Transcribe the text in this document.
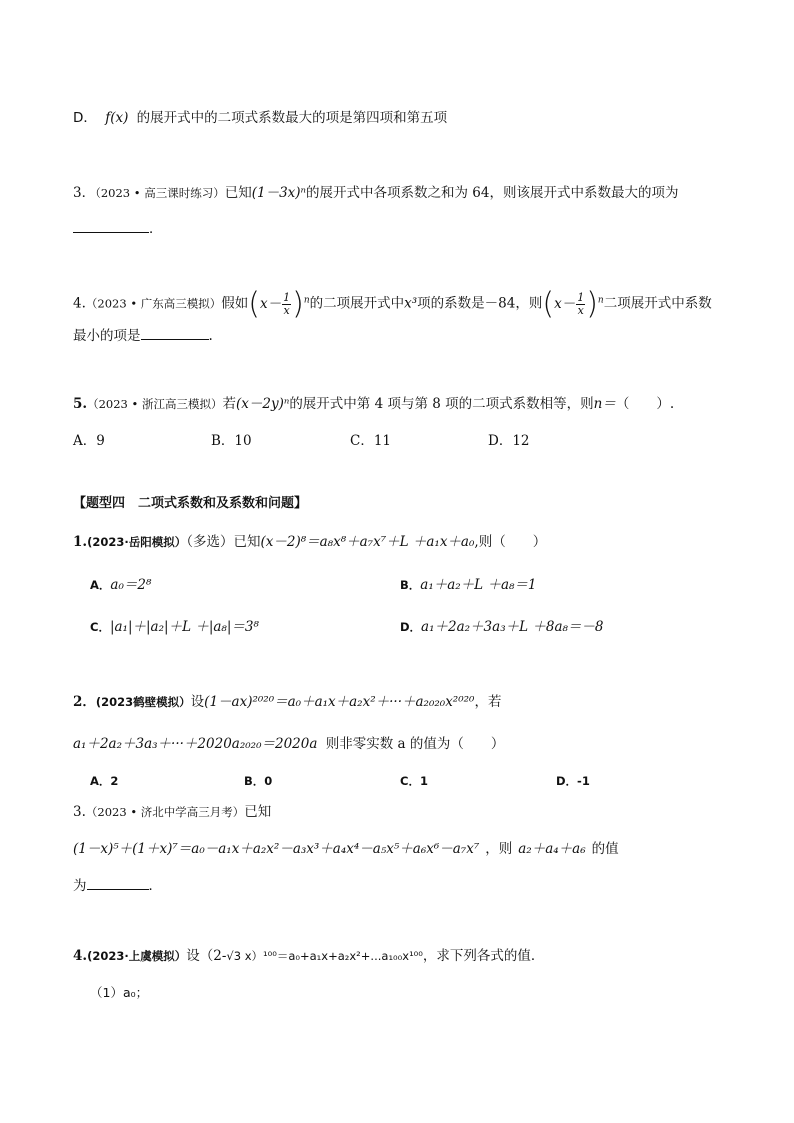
D． f(x) 的展开式中的二项式系数最大的项是第四项和第五项
3．（2023 • 高三课时练习）已知(1－3x)ⁿ的展开式中各项系数之和为 64，则该展开式中系数最大的项为
．
4.（2023 • 广东高三模拟）假如$(x- \frac{1}{x} )^n$的二项展开式中x³项的系数是－84，则$(x- \frac{1}{x} )^n$二项展开式中系数
最小的项是	.
5.（2023 • 浙江高三模拟）若(x－2y)ⁿ的展开式中第 4 项与第 8 项的二项式系数相等，则n＝（　　）.
A．9	B．10	C．11	D．12
【题型四　二项式系数和及系数和问题】
1.(2023·岳阳模拟）（多选）已知(x－2)⁸＝a₈x⁸＋a₇x⁷＋L ＋a₁x＋a₀,则（　　）
A．a₀＝2⁸	B．a₁＋a₂＋L ＋a₈＝1
C．|a₁|＋|a₂|＋L ＋|a₈|＝3⁸	D．a₁＋2a₂＋3a₃＋L ＋8a₈＝－8
2．(2023鹤壁模拟）设(1－ax)²⁰²⁰＝a₀＋a₁x＋a₂x²＋···＋a₂₀₂₀x²⁰²⁰，若
a₁＋2a₂＋3a₃＋···＋2020a₂₀₂₀＝2020a 则非零实数 a 的值为（　　）
A．2	B．0	C．1	D．-1
3.（2023 • 济北中学高三月考）已知
(1－x)⁵＋(1＋x)⁷＝a₀－a₁x＋a₂x²－a₃x³＋a₄x⁴－a₅x⁵＋a₆x⁶－a₇x⁷ ，则 a₂＋a₄＋a₆ 的值
为	．
4.(2023·上虞模拟）设（2-√3 x）¹⁰⁰＝a₀+a₁x+a₂x²+...a₁₀₀x¹⁰⁰，求下列各式的值．
（1）a₀；
